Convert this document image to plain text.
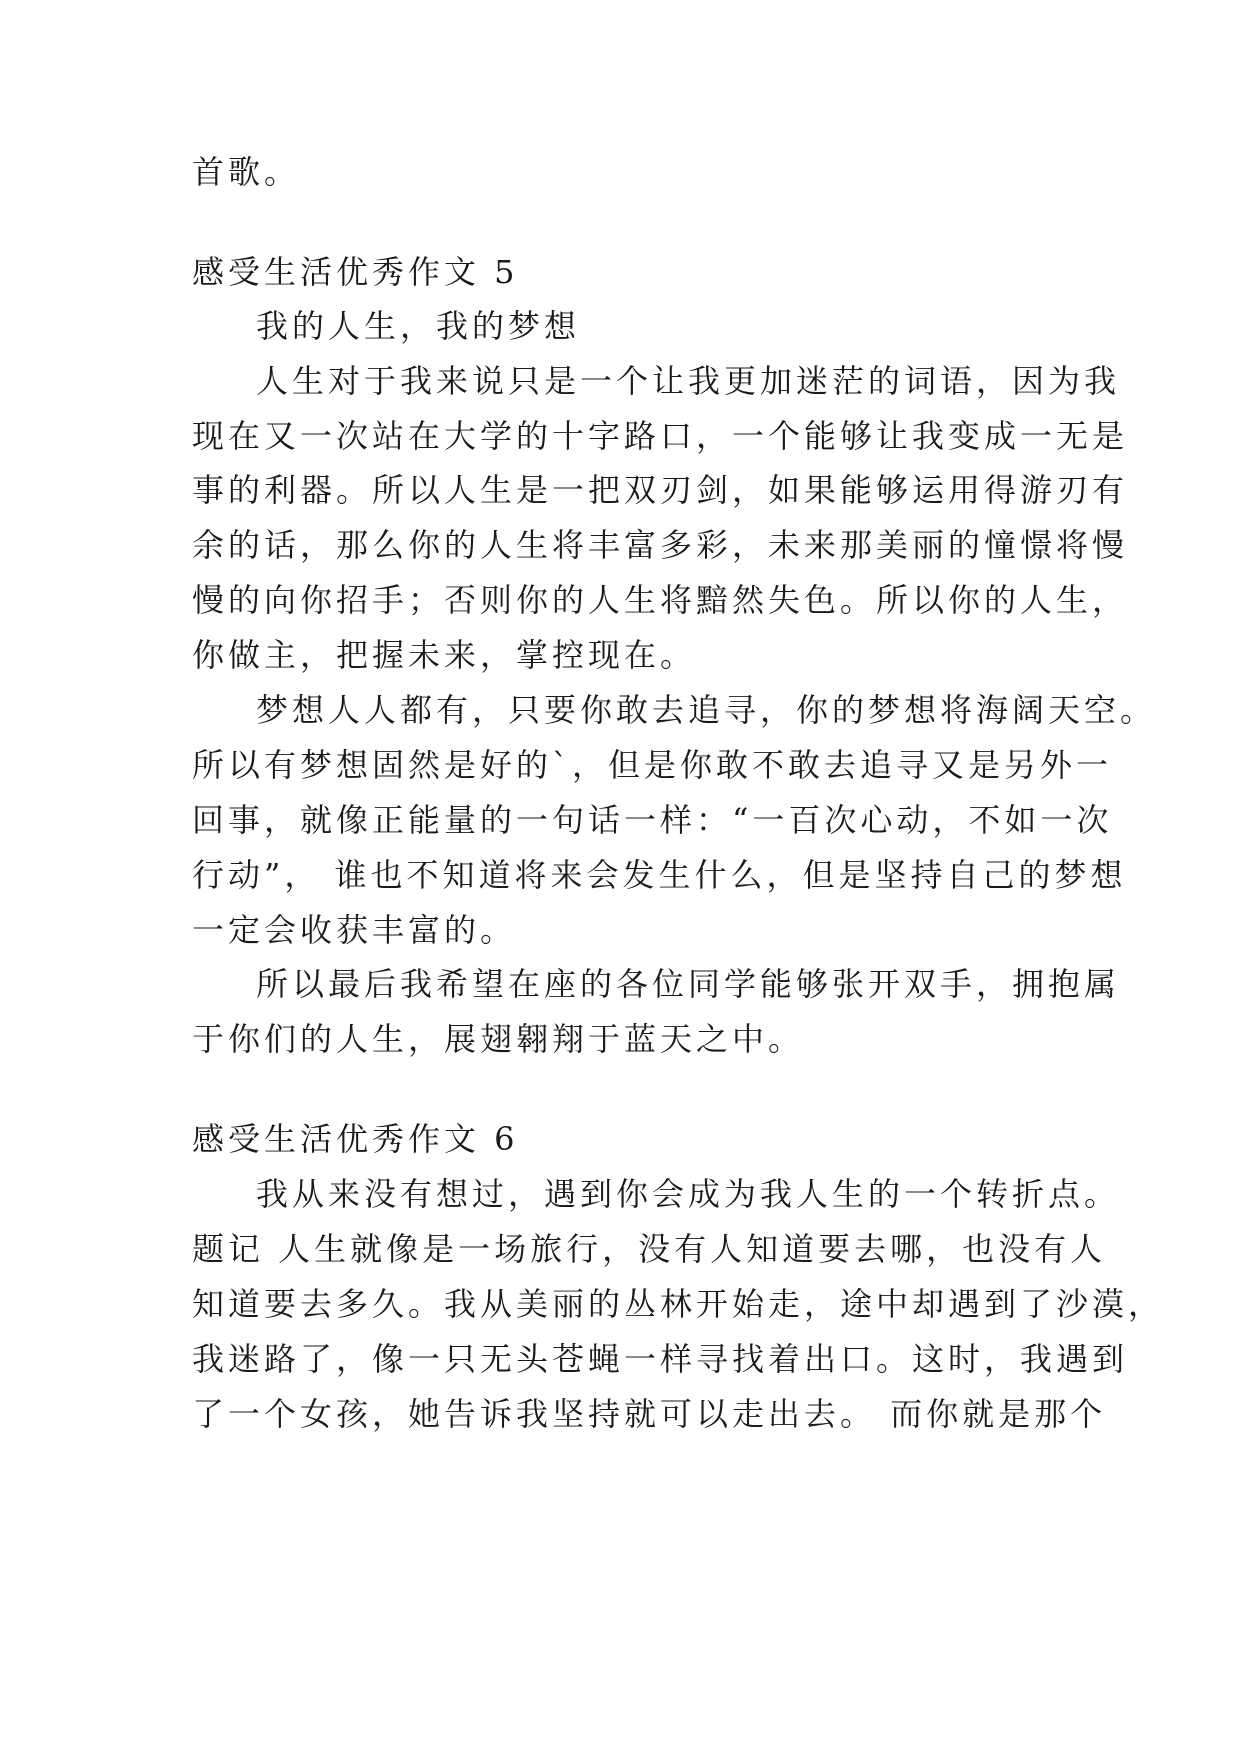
首歌。
感受生活优秀作文 5
我的人生，我的梦想
人生对于我来说只是一个让我更加迷茫的词语，因为我
现在又一次站在大学的十字路口，一个能够让我变成一无是
事的利器。所以人生是一把双刃剑，如果能够运用得游刃有
余的话，那么你的人生将丰富多彩，未来那美丽的憧憬将慢
慢的向你招手；否则你的人生将黯然失色。所以你的人生，
你做主，把握未来，掌控现在。
梦想人人都有，只要你敢去追寻，你的梦想将海阔天空。
所以有梦想固然是好的`，但是你敢不敢去追寻又是另外一
回事，就像正能量的一句话一样：“一百次心动，不如一次
行动”， 谁也不知道将来会发生什么，但是坚持自己的梦想
一定会收获丰富的。
所以最后我希望在座的各位同学能够张开双手，拥抱属
于你们的人生，展翅翱翔于蓝天之中。
感受生活优秀作文 6
我从来没有想过，遇到你会成为我人生的一个转折点。
题记 人生就像是一场旅行，没有人知道要去哪，也没有人
知道要去多久。我从美丽的丛林开始走，途中却遇到了沙漠，
我迷路了，像一只无头苍蝇一样寻找着出口。这时，我遇到
了一个女孩，她告诉我坚持就可以走出去。 而你就是那个
